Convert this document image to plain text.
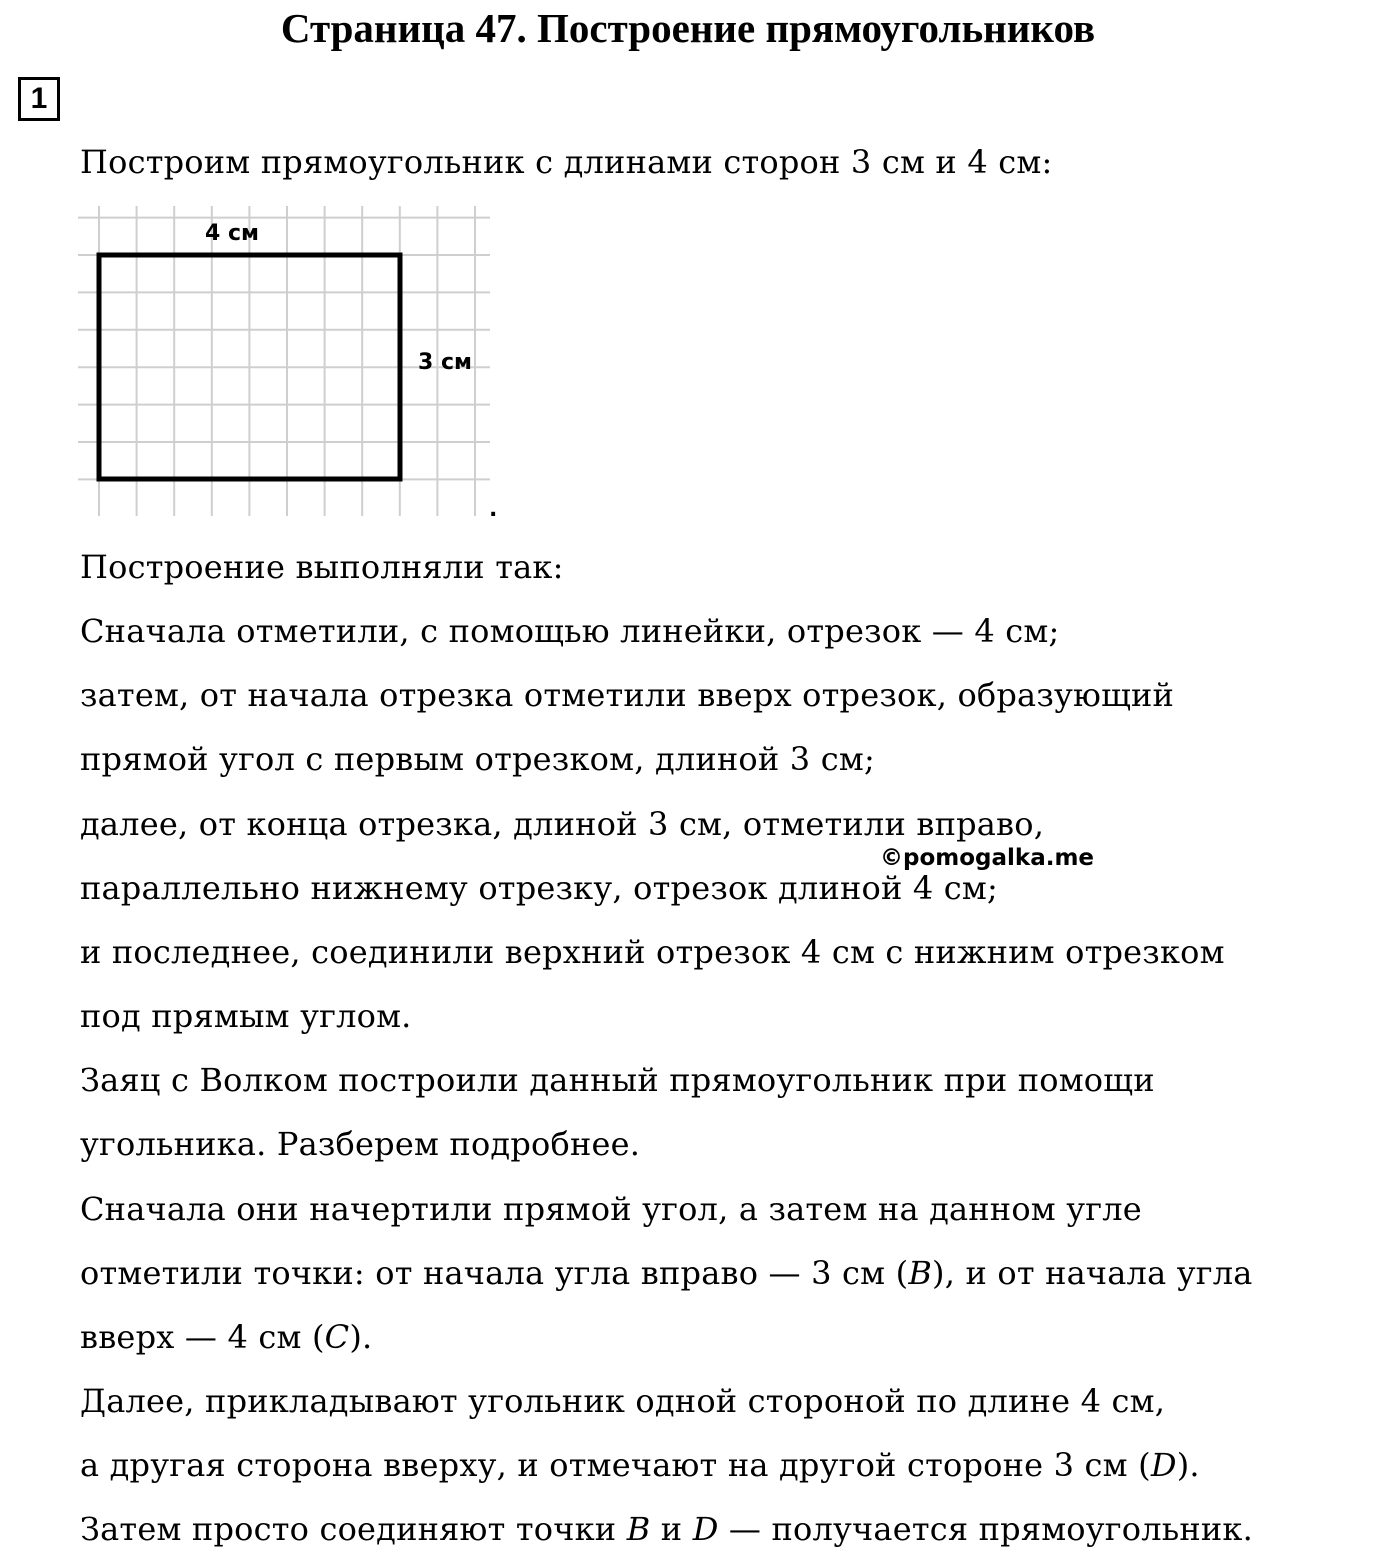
Страница 47. Построение прямоугольников
1
Построим прямоугольник с длинами сторон 3 см и 4 см:
4 см
3 см
.
Построение выполняли так:
Сначала отметили, с помощью линейки, отрезок — 4 см;
затем, от начала отрезка отметили вверх отрезок, образующий
прямой угол с первым отрезком, длиной 3 см;
далее, от конца отрезка, длиной 3 см, отметили вправо,
параллельно нижнему отрезку, отрезок длиной 4 см;
и последнее, соединили верхний отрезок 4 см с нижним отрезком
под прямым углом.
Заяц с Волком построили данный прямоугольник при помощи
угольника. Разберем подробнее.
Сначала они начертили прямой угол, а затем на данном угле
отметили точки: от начала угла вправо — 3 см (B), и от начала угла
вверх — 4 см (C).
Далее, прикладывают угольник одной стороной по длине 4 см,
а другая сторона вверху, и отмечают на другой стороне 3 см (D).
Затем просто соединяют точки B и D — получается прямоугольник.
©pomogalka.me
